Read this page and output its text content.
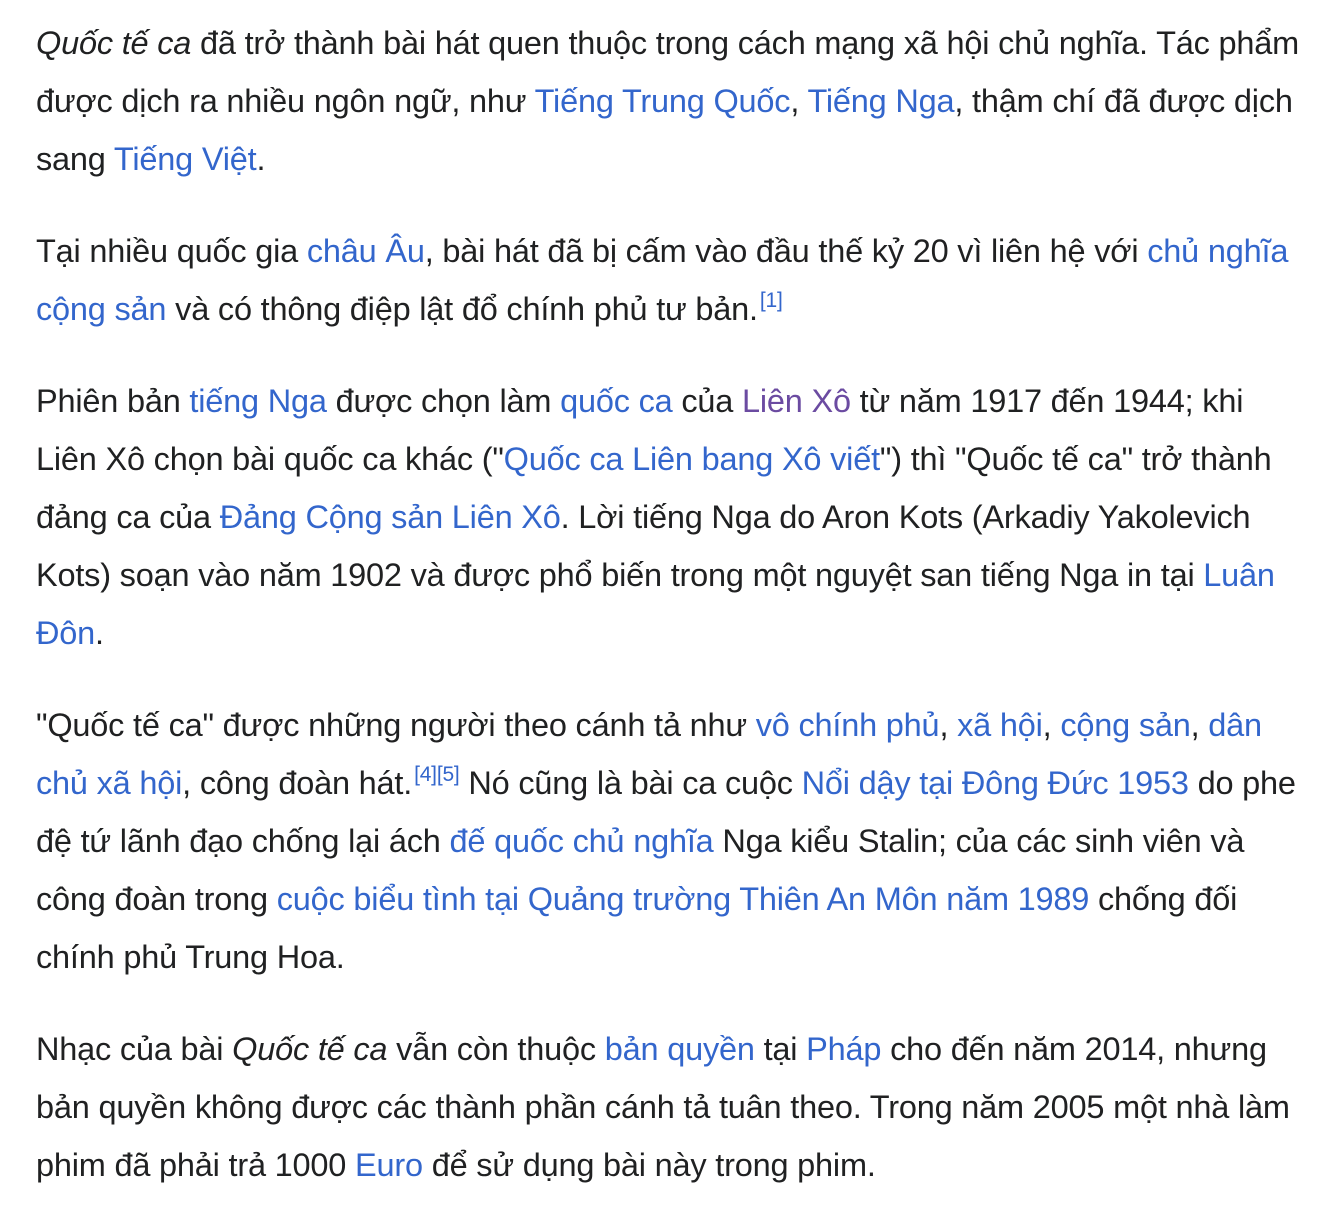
Quốc tế ca đã trở thành bài hát quen thuộc trong cách mạng xã hội chủ nghĩa. Tác phẩm được dịch ra nhiều ngôn ngữ, như Tiếng Trung Quốc, Tiếng Nga, thậm chí đã được dịch sang Tiếng Việt.

Tại nhiều quốc gia châu Âu, bài hát đã bị cấm vào đầu thế kỷ 20 vì liên hệ với chủ nghĩa cộng sản và có thông điệp lật đổ chính phủ tư bản.[1]

Phiên bản tiếng Nga được chọn làm quốc ca của Liên Xô từ năm 1917 đến 1944; khi Liên Xô chọn bài quốc ca khác ("Quốc ca Liên bang Xô viết") thì "Quốc tế ca" trở thành đảng ca của Đảng Cộng sản Liên Xô. Lời tiếng Nga do Aron Kots (Arkadiy Yakolevich Kots) soạn vào năm 1902 và được phổ biến trong một nguyệt san tiếng Nga in tại Luân Đôn.

"Quốc tế ca" được những người theo cánh tả như vô chính phủ, xã hội, cộng sản, dân chủ xã hội, công đoàn hát.[4][5] Nó cũng là bài ca cuộc Nổi dậy tại Đông Đức 1953 do phe đệ tứ lãnh đạo chống lại ách đế quốc chủ nghĩa Nga kiểu Stalin; của các sinh viên và công đoàn trong cuộc biểu tình tại Quảng trường Thiên An Môn năm 1989 chống đối chính phủ Trung Hoa.

Nhạc của bài Quốc tế ca vẫn còn thuộc bản quyền tại Pháp cho đến năm 2014, nhưng bản quyền không được các thành phần cánh tả tuân theo. Trong năm 2005 một nhà làm phim đã phải trả 1000 Euro để sử dụng bài này trong phim.
